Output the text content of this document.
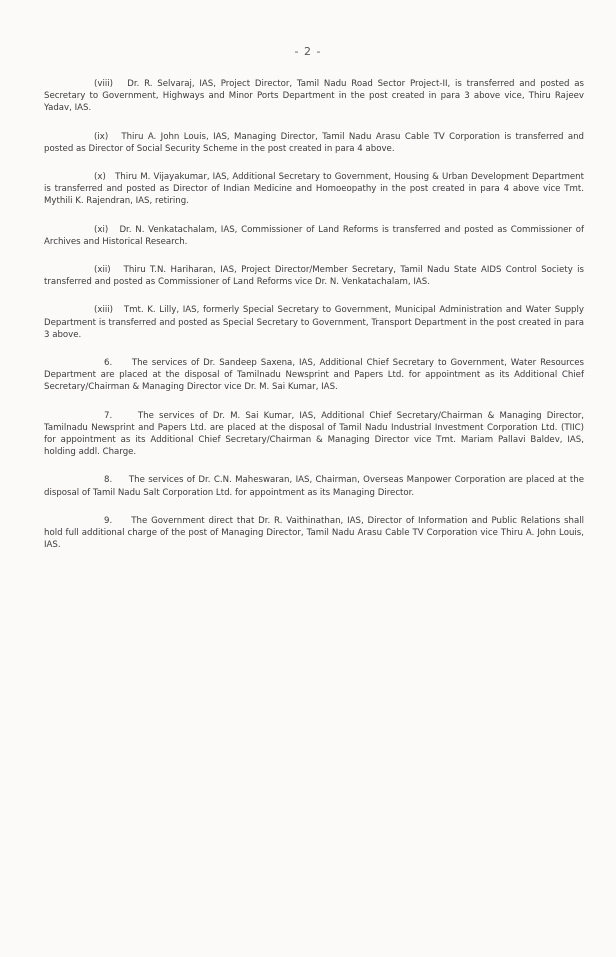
- 2 -

(viii) Dr. R. Selvaraj, IAS, Project Director, Tamil Nadu Road Sector Project-II, is transferred and posted as Secretary to Government, Highways and Minor Ports Department in the post created in para 3 above vice, Thiru Rajeev Yadav, IAS.

(ix) Thiru A. John Louis, IAS, Managing Director, Tamil Nadu Arasu Cable TV Corporation is transferred and posted as Director of Social Security Scheme in the post created in para 4 above.

(x) Thiru M. Vijayakumar, IAS, Additional Secretary to Government, Housing & Urban Development Department is transferred and posted as Director of Indian Medicine and Homoeopathy in the post created in para 4 above vice Tmt. Mythili K. Rajendran, IAS, retiring.

(xi) Dr. N. Venkatachalam, IAS, Commissioner of Land Reforms is transferred and posted as Commissioner of Archives and Historical Research.

(xii) Thiru T.N. Hariharan, IAS, Project Director/Member Secretary, Tamil Nadu State AIDS Control Society is transferred and posted as Commissioner of Land Reforms vice Dr. N. Venkatachalam, IAS.

(xiii) Tmt. K. Lilly, IAS, formerly Special Secretary to Government, Municipal Administration and Water Supply Department is transferred and posted as Special Secretary to Government, Transport Department in the post created in para 3 above.

6. The services of Dr. Sandeep Saxena, IAS, Additional Chief Secretary to Government, Water Resources Department are placed at the disposal of Tamilnadu Newsprint and Papers Ltd. for appointment as its Additional Chief Secretary/Chairman & Managing Director vice Dr. M. Sai Kumar, IAS.

7.	The services of Dr. M. Sai Kumar, IAS, Additional Chief Secretary/Chairman & Managing Director, Tamilnadu Newsprint and Papers Ltd. are placed at the disposal of Tamil Nadu Industrial Investment Corporation Ltd. (TIIC) for appointment as its Additional Chief Secretary/Chairman & Managing Director vice Tmt. Mariam Pallavi Baldev, IAS, holding addl. Charge.

8. The services of Dr. C.N. Maheswaran, IAS, Chairman, Overseas Manpower Corporation are placed at the disposal of Tamil Nadu Salt Corporation Ltd. for appointment as its Managing Director.

9. The Government direct that Dr. R. Vaithinathan, IAS, Director of Information and Public Relations shall hold full additional charge of the post of Managing Director, Tamil Nadu Arasu Cable TV Corporation vice Thiru A. John Louis, IAS.
